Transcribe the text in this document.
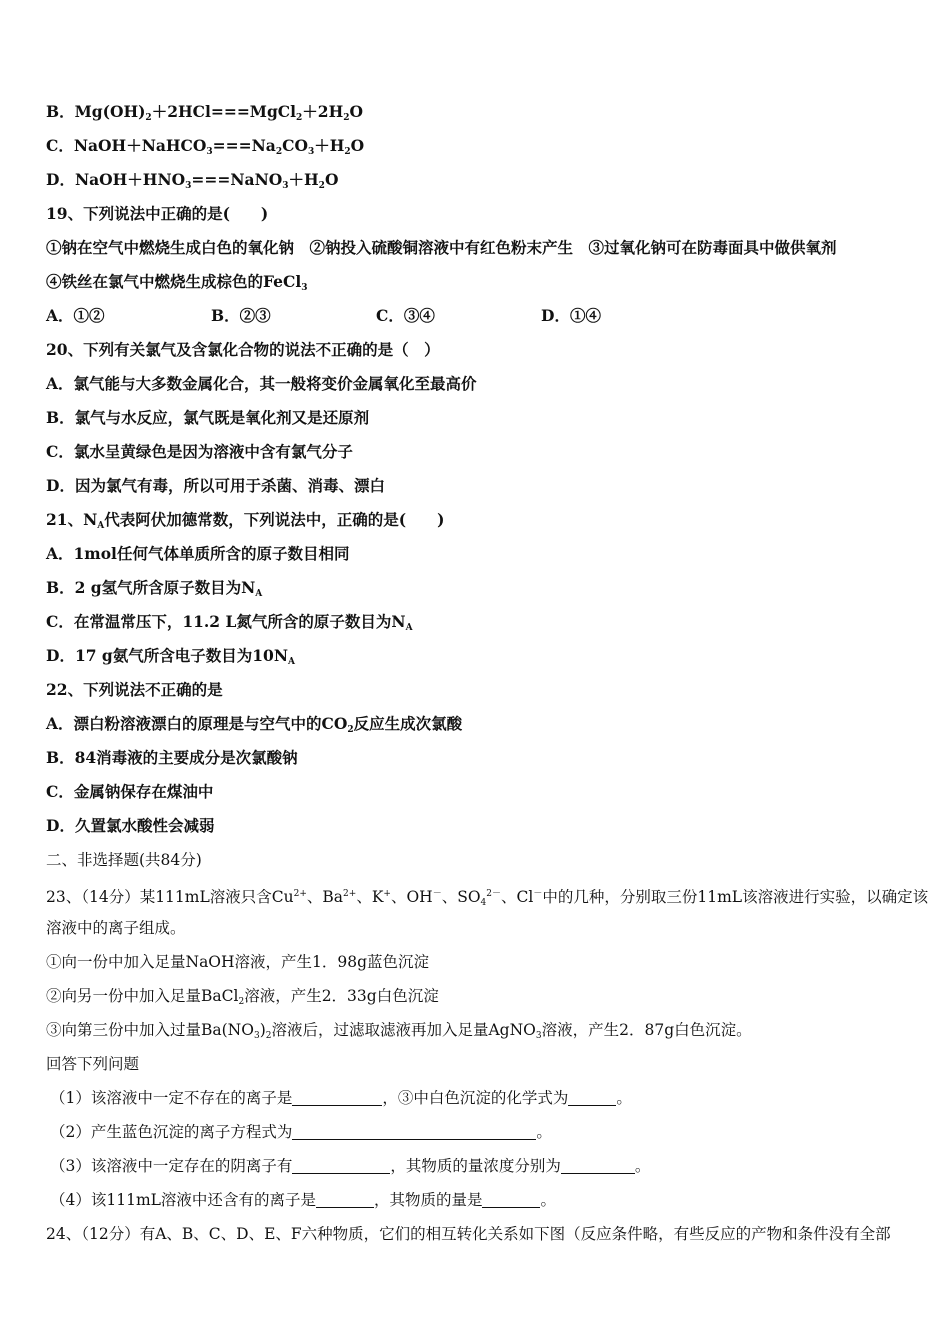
B．$Mg(OH)_2+2HCl===MgCl_2+2H_2O$
C．$NaOH+NaHCO_3===Na_2CO_3+H_2O$
D．$NaOH+HNO_3===NaNO_3+H_2O$
19、下列说法中正确的是(　　)
①钠在空气中燃烧生成白色的氧化钠　②钠投入硫酸铜溶液中有红色粉末产生　③过氧化钠可在防毒面具中做供氧剂
④铁丝在氯气中燃烧生成棕色的FeCl$_3$
A．①②	B．②③	C．③④	D．①④
20、下列有关氯气及含氯化合物的说法不正确的是（　）
A．氯气能与大多数金属化合，其一般将变价金属氧化至最高价
B．氯气与水反应，氯气既是氧化剂又是还原剂
C．氯水呈黄绿色是因为溶液中含有氯气分子
D．因为氯气有毒，所以可用于杀菌、消毒、漂白
21、$N_A$代表阿伏加德常数，下列说法中，正确的是(　　)
A．1mol任何气体单质所含的原子数目相同
B．2 g氢气所含原子数目为$N_A$
C．在常温常压下，11.2 L氮气所含的原子数目为$N_A$
D．17 g氨气所含电子数目为$10N_A$
22、下列说法不正确的是
A．漂白粉溶液漂白的原理是与空气中的$CO_2$反应生成次氯酸
B．84消毒液的主要成分是次氯酸钠
C．金属钠保存在煤油中
D．久置氯水酸性会减弱
二、非选择题(共84分)
23、（14分）某111mL溶液只含$Cu^{2+}$、$Ba^{2+}$、K+、OH－、$SO_4^{2-}$、Cl－中的几种，分别取三份11mL该溶液进行实验，以确定该
溶液中的离子组成。
①向一份中加入足量NaOH溶液，产生1．98g蓝色沉淀
②向另一份中加入足量BaCl$_2$溶液，产生2．33g白色沉淀
③向第三份中加入过量$Ba(NO_3)_2$溶液后，过滤取滤液再加入足量AgNO$_3$溶液，产生2．87g白色沉淀。
回答下列问题
（1）该溶液中一定不存在的离子是	，③中白色沉淀的化学式为	。
（2）产生蓝色沉淀的离子方程式为	。
（3）该溶液中一定存在的阴离子有	，其物质的量浓度分别为	。
（4）该111mL溶液中还含有的离子是	，其物质的量是	。
24、（12分）有A、B、C、D、E、F六种物质，它们的相互转化关系如下图（反应条件略，有些反应的产物和条件没有全部
